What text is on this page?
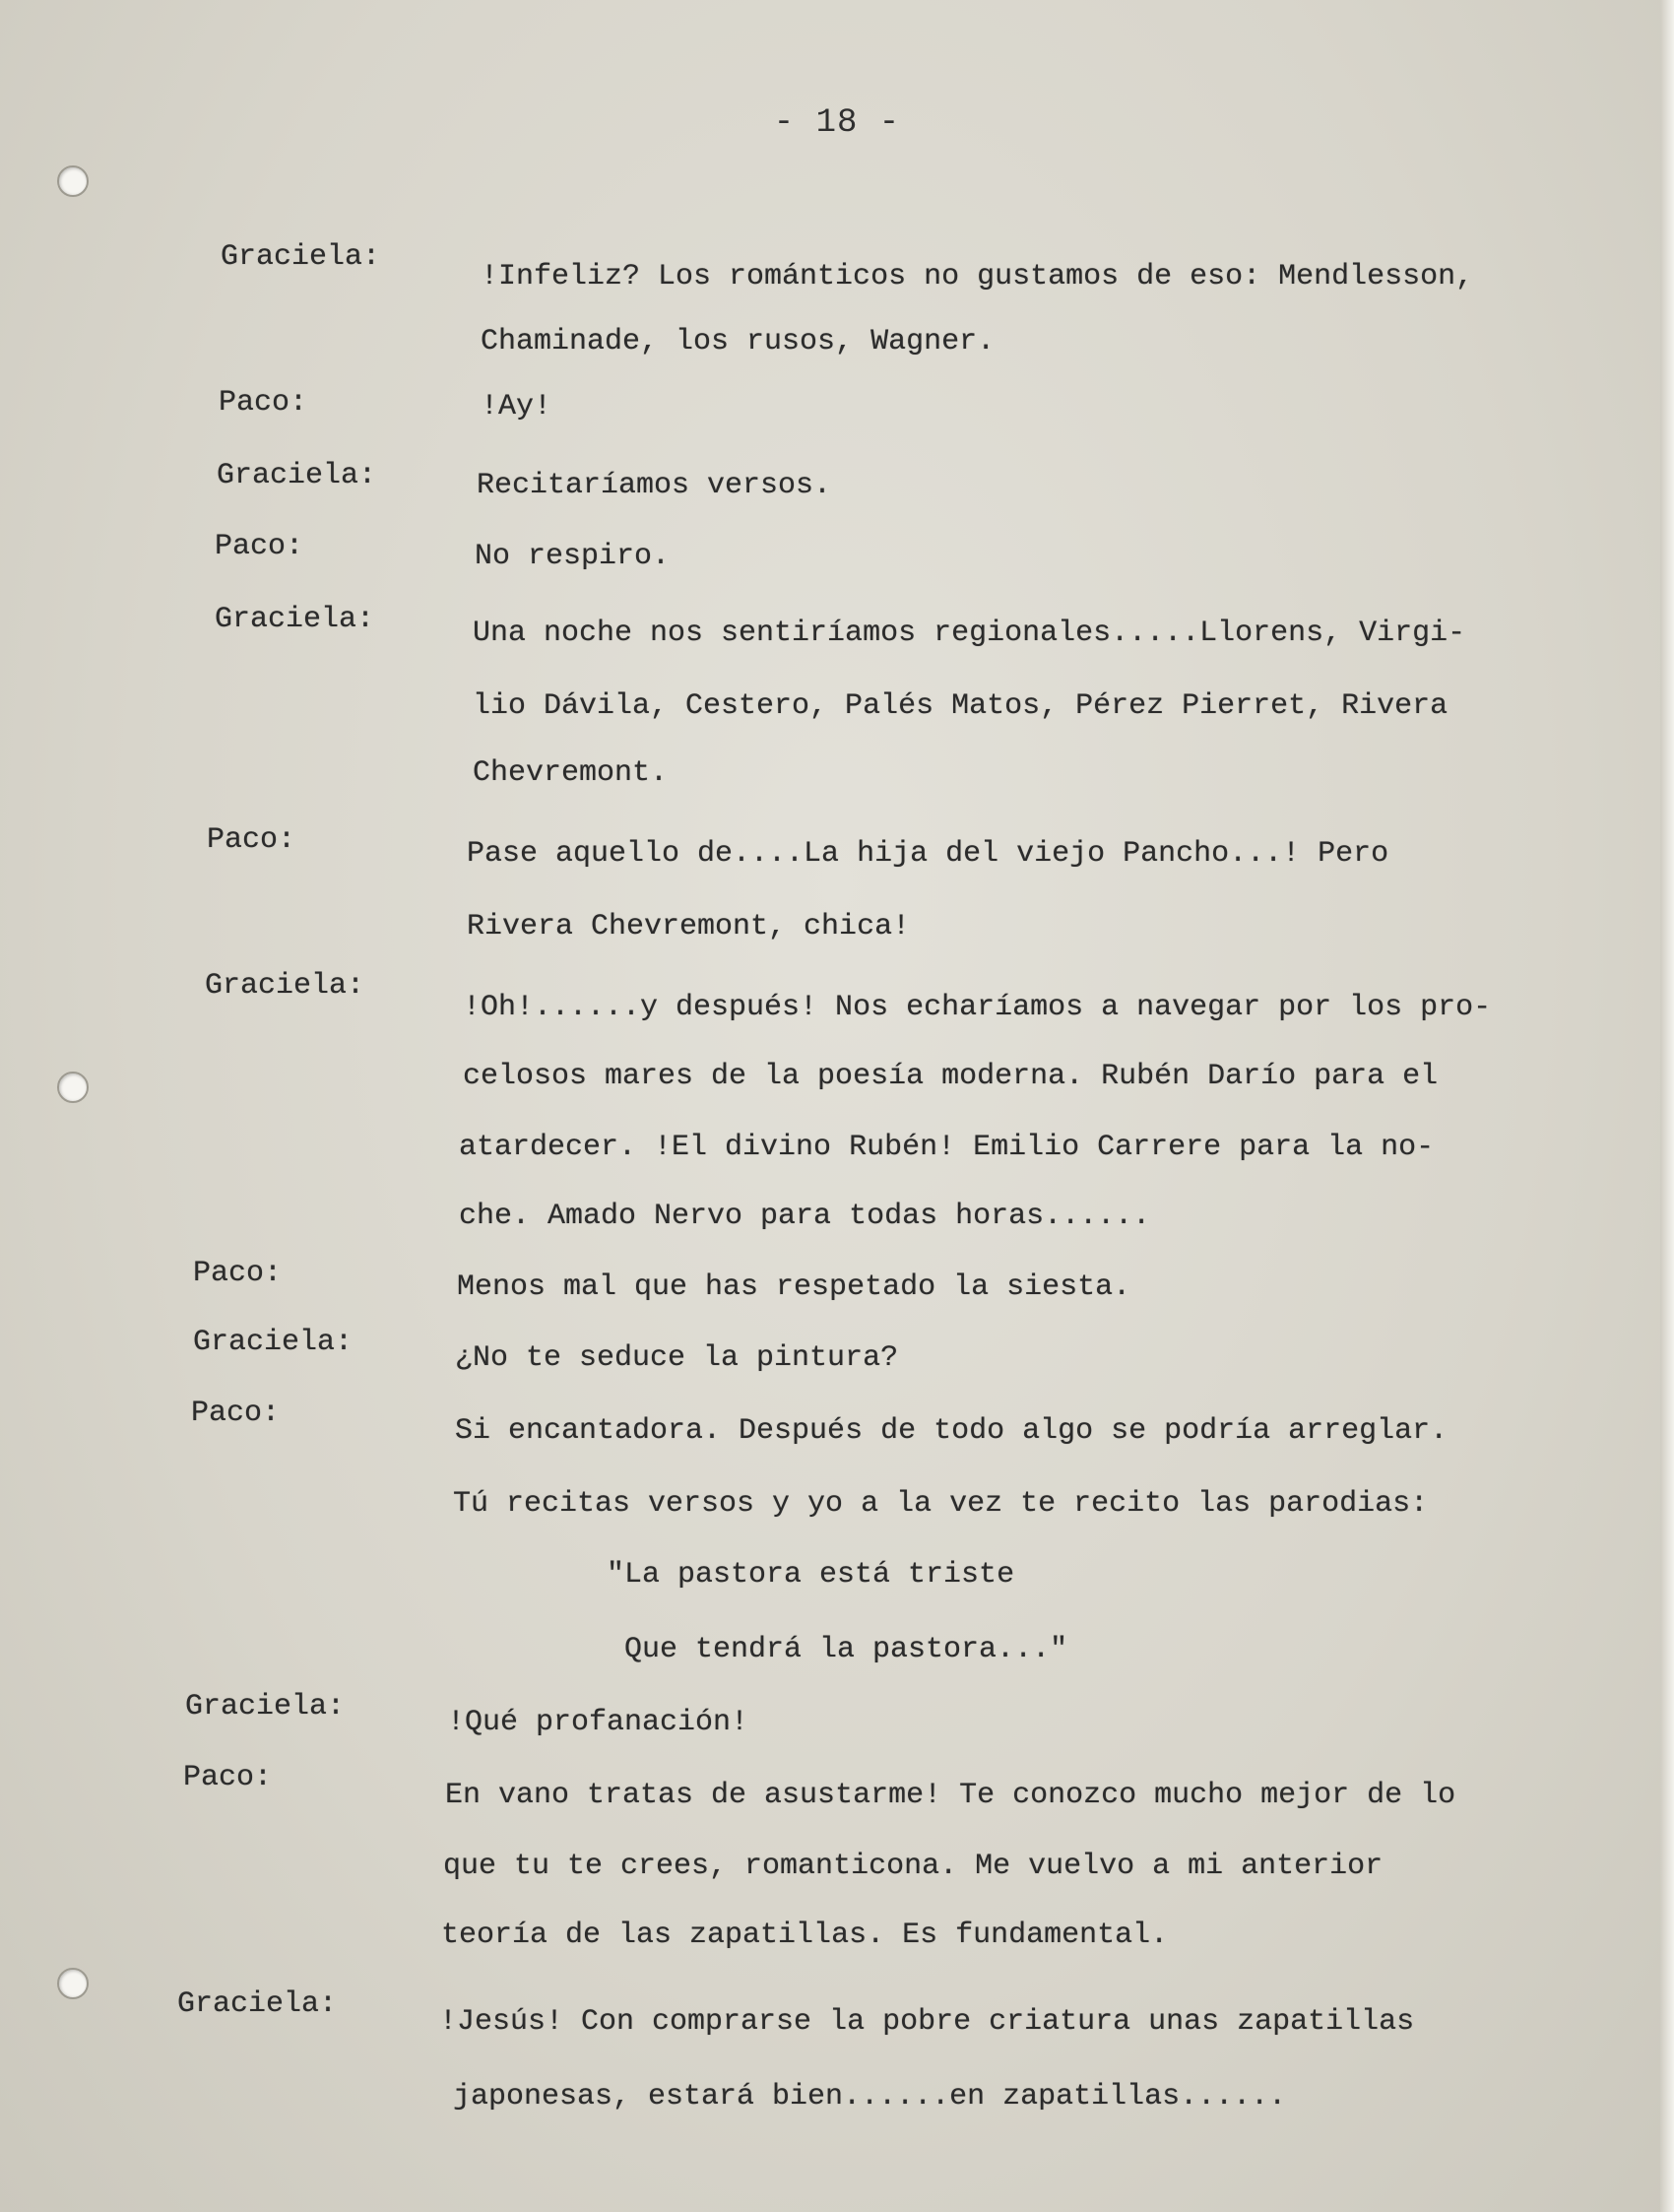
- 18 -
Graciela:
!Infeliz? Los románticos no gustamos de eso: Mendlesson,
Chaminade, los rusos, Wagner.
Paco:	!Ay!
Graciela:	Recitaríamos versos.
Paco:	No respiro.
Graciela:	Una noche nos sentiríamos regionales.....Llorens, Virgi-
lio Dávila, Cestero, Palés Matos, Pérez Pierret, Rivera
Chevremont.
Paco:	Pase aquello de....La hija del viejo Pancho...! Pero
Rivera Chevremont, chica!
Graciela:
!Oh!......y después! Nos echaríamos a navegar por los pro-
celosos mares de la poesía moderna. Rubén Darío para el
atardecer. !El divino Rubén! Emilio Carrere para la no-
che. Amado Nervo para todas horas......
Paco:	Menos mal que has respetado la siesta.
Graciela:	¿No te seduce la pintura?
Paco:
Si encantadora. Después de todo algo se podría arreglar.
Tú recitas versos y yo a la vez te recito las parodias:
"La pastora está triste
Que tendrá la pastora..."
Graciela:	!Qué profanación!
Paco:
En vano tratas de asustarme! Te conozco mucho mejor de lo
que tu te crees, romanticona. Me vuelvo a mi anterior
teoría de las zapatillas. Es fundamental.
Graciela:
!Jesús! Con comprarse la pobre criatura unas zapatillas
japonesas, estará bien......en zapatillas......
